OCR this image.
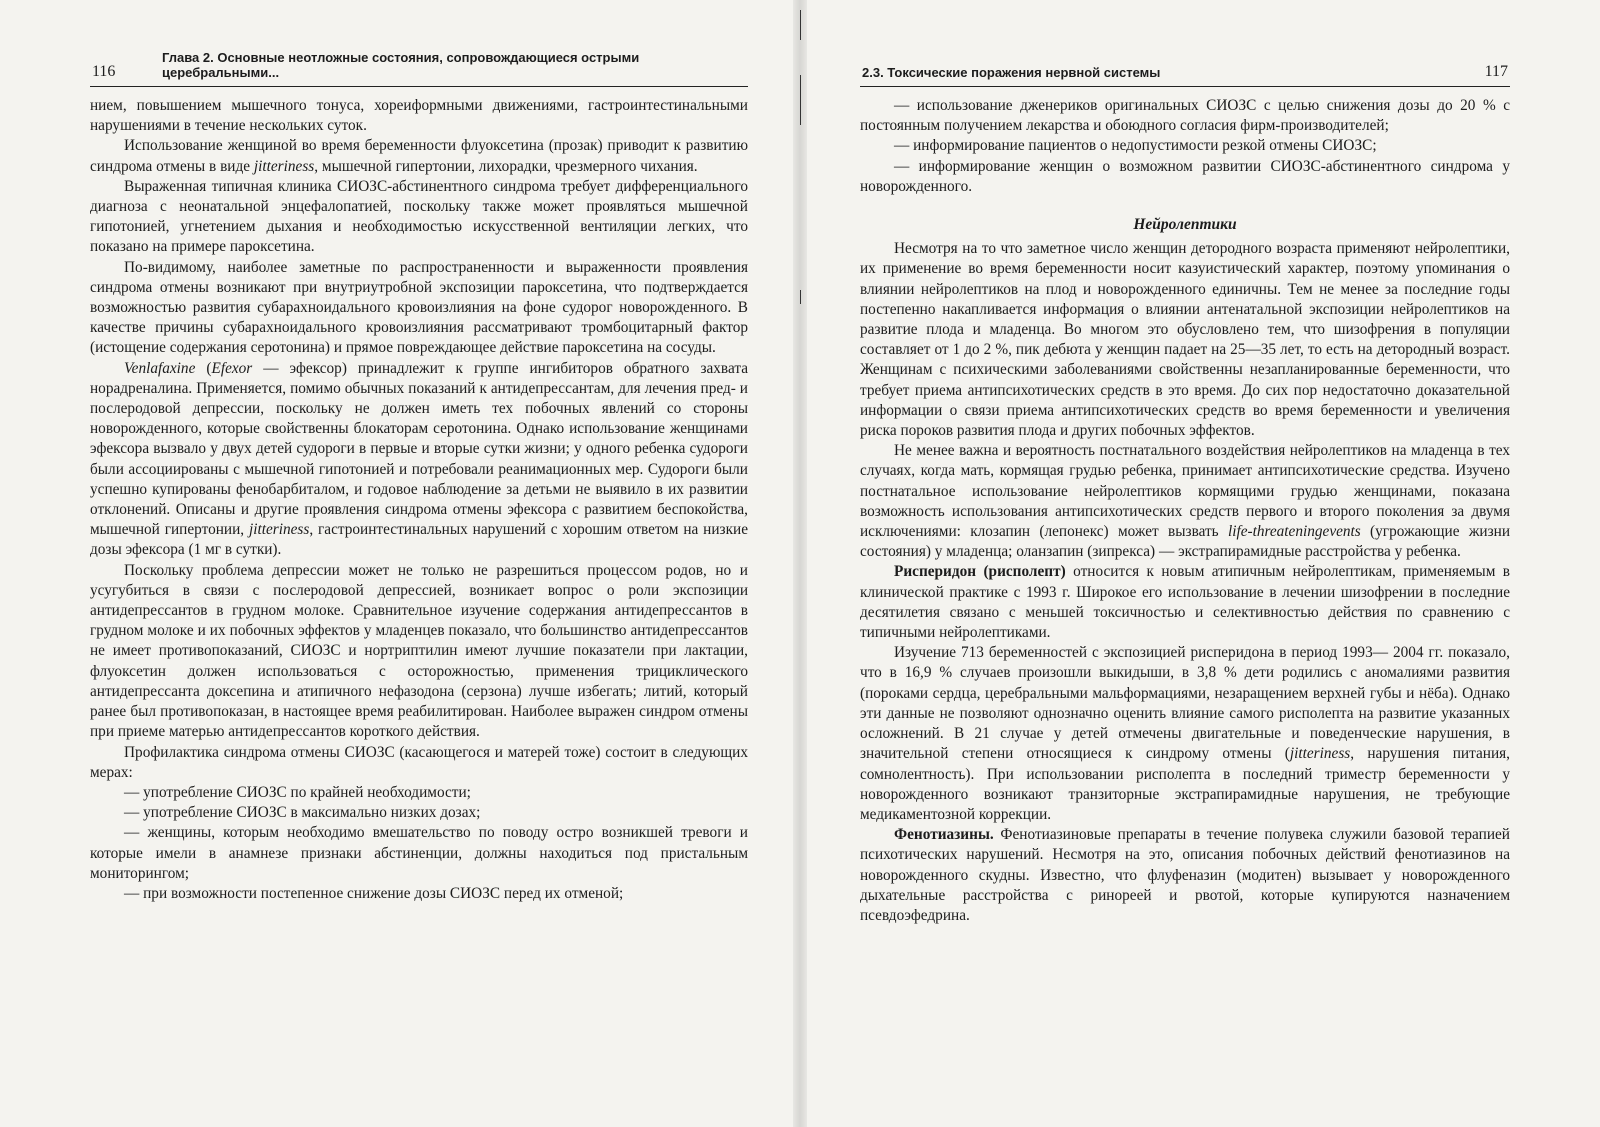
116
Глава 2. Основные неотложные состояния, сопровождающиеся острыми церебральными...

нием, повышением мышечного тонуса, хореиформными движениями, гастроинтестинальными нарушениями в течение нескольких суток.

Использование женщиной во время беременности флуоксетина (прозак) приводит к развитию синдрома отмены в виде jitteriness, мышечной гипертонии, лихорадки, чрезмерного чихания.

Выраженная типичная клиника СИОЗС-абстинентного синдрома требует дифференциального диагноза с неонатальной энцефалопатией, поскольку также может проявляться мышечной гипотонией, угнетением дыхания и необходимостью искусственной вентиляции легких, что показано на примере пароксетина.

По-видимому, наиболее заметные по распространенности и выраженности проявления синдрома отмены возникают при внутриутробной экспозиции пароксетина, что подтверждается возможностью развития субарахноидального кровоизлияния на фоне судорог новорожденного. В качестве причины субарахноидального кровоизлияния рассматривают тромбоцитарный фактор (истощение содержания серотонина) и прямое повреждающее действие пароксетина на сосуды.

Venlafaxine (Efexor — эфексор) принадлежит к группе ингибиторов обратного захвата норадреналина. Применяется, помимо обычных показаний к антидепрессантам, для лечения пред- и послеродовой депрессии, поскольку не должен иметь тех побочных явлений со стороны новорожденного, которые свойственны блокаторам серотонина. Однако использование женщинами эфексора вызвало у двух детей судороги в первые и вторые сутки жизни; у одного ребенка судороги были ассоциированы с мышечной гипотонией и потребовали реанимационных мер. Судороги были успешно купированы фенобарбиталом, и годовое наблюдение за детьми не выявило в их развитии отклонений. Описаны и другие проявления синдрома отмены эфексора с развитием беспокойства, мышечной гипертонии, jitteriness, гастроинтестинальных нарушений с хорошим ответом на низкие дозы эфексора (1 мг в сутки).

Поскольку проблема депрессии может не только не разрешиться процессом родов, но и усугубиться в связи с послеродовой депрессией, возникает вопрос о роли экспозиции антидепрессантов в грудном молоке. Сравнительное изучение содержания антидепрессантов в грудном молоке и их побочных эффектов у младенцев показало, что большинство антидепрессантов не имеет противопоказаний, СИОЗС и нортриптилин имеют лучшие показатели при лактации, флуоксетин должен использоваться с осторожностью, применения трициклического антидепрессанта доксепина и атипичного нефазодона (серзона) лучше избегать; литий, который ранее был противопоказан, в настоящее время реабилитирован. Наиболее выражен синдром отмены при приеме матерью антидепрессантов короткого действия.

Профилактика синдрома отмены СИОЗС (касающегося и матерей тоже) состоит в следующих мерах:

— употребление СИОЗС по крайней необходимости;

— употребление СИОЗС в максимально низких дозах;

— женщины, которым необходимо вмешательство по поводу остро возникшей тревоги и которые имели в анамнезе признаки абстиненции, должны находиться под пристальным мониторингом;

— при возможности постепенное снижение дозы СИОЗС перед их отменой;

2.3. Токсические поражения нервной системы	117

— использование дженериков оригинальных СИОЗС с целью снижения дозы до 20 % с постоянным получением лекарства и обоюдного согласия фирм-производителей;

— информирование пациентов о недопустимости резкой отмены СИОЗС;

— информирование женщин о возможном развитии СИОЗС-абстинентного синдрома у новорожденного.

Нейролептики

Несмотря на то что заметное число женщин детородного возраста применяют нейролептики, их применение во время беременности носит казуистический характер, поэтому упоминания о влиянии нейролептиков на плод и новорожденного единичны. Тем не менее за последние годы постепенно накапливается информация о влиянии антенатальной экспозиции нейролептиков на развитие плода и младенца. Во многом это обусловлено тем, что шизофрения в популяции составляет от 1 до 2 %, пик дебюта у женщин падает на 25—35 лет, то есть на детородный возраст. Женщинам с психическими заболеваниями свойственны незапланированные беременности, что требует приема антипсихотических средств в это время. До сих пор недостаточно доказательной информации о связи приема антипсихотических средств во время беременности и увеличения риска пороков развития плода и других побочных эффектов.

Не менее важна и вероятность постнатального воздействия нейролептиков на младенца в тех случаях, когда мать, кормящая грудью ребенка, принимает антипсихотические средства. Изучено постнатальное использование нейролептиков кормящими грудью женщинами, показана возможность использования антипсихотических средств первого и второго поколения за двумя исключениями: клозапин (лепонекс) может вызвать life-threateningevents (угрожающие жизни состояния) у младенца; оланзапин (зипрекса) — экстрапирамидные расстройства у ребенка.

Рисперидон (рисполепт) относится к новым атипичным нейролептикам, применяемым в клинической практике с 1993 г. Широкое его использование в лечении шизофрении в последние десятилетия связано с меньшей токсичностью и селективностью действия по сравнению с типичными нейролептиками.

Изучение 713 беременностей с экспозицией рисперидона в период 1993— 2004 гг. показало, что в 16,9 % случаев произошли выкидыши, в 3,8 % дети родились с аномалиями развития (пороками сердца, церебральными мальформациями, незаращением верхней губы и нёба). Однако эти данные не позволяют однозначно оценить влияние самого рисполепта на развитие указанных осложнений. В 21 случае у детей отмечены двигательные и поведенческие нарушения, в значительной степени относящиеся к синдрому отмены (jitteriness, нарушения питания, сомнолентность). При использовании рисполепта в последний триместр беременности у новорожденного возникают транзиторные экстрапирамидные нарушения, не требующие медикаментозной коррекции.

Фенотиазины. Фенотиазиновые препараты в течение полувека служили базовой терапией психотических нарушений. Несмотря на это, описания побочных действий фенотиазинов на новорожденного скудны. Известно, что флуфеназин (модитен) вызывает у новорожденного дыхательные расстройства с ринореей и рвотой, которые купируются назначением псевдоэфедрина.
